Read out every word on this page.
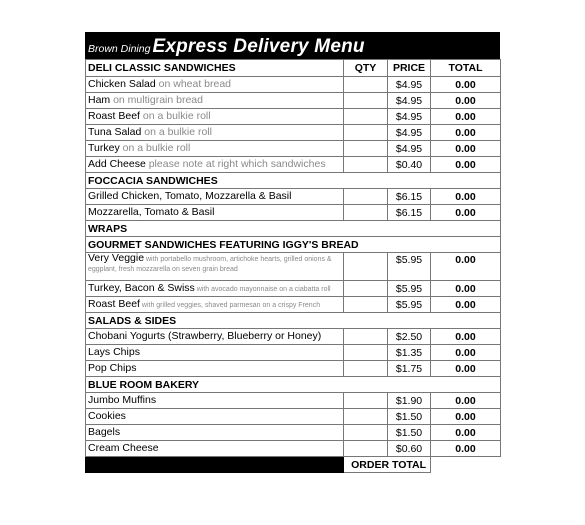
Brown Dining Express Delivery Menu
DELI CLASSIC SANDWICHES	QTY	PRICE	TOTAL

Chicken Salad on wheat bread		$4.95	0.00

Ham on multigrain bread		$4.95	0.00

Roast Beef on a bulkie roll		$4.95	0.00

Tuna Salad on a bulkie roll		$4.95	0.00

Turkey on a bulkie roll		$4.95	0.00

Add Cheese please note at right which sandwiches		$0.40	0.00
FOCCACIA SANDWICHES			

Grilled Chicken, Tomato, Mozzarella & Basil		$6.15	0.00

Mozzarella, Tomato & Basil		$6.15	0.00
WRAPS			
GOURMET SANDWICHES FEATURING IGGY'S BREAD			

Very Veggie with portabello mushroom, artichoke hearts, grilled onions & eggplant, fresh mozzarella on seven grain bread		$5.95	0.00

Turkey, Bacon & Swiss with avocado mayonnaise on a ciabatta roll		$5.95	0.00

Roast Beef with grilled veggies, shaved parmesan on a crispy French		$5.95	0.00
SALADS & SIDES			

Chobani Yogurts (Strawberry, Blueberry or Honey)		$2.50	0.00

Lays Chips		$1.35	0.00

Pop Chips		$1.75	0.00
BLUE ROOM BAKERY			

Jumbo Muffins		$1.90	0.00

Cookies		$1.50	0.00

Bagels		$1.50	0.00

Cream Cheese		$0.60	0.00
	ORDER TOTAL		
